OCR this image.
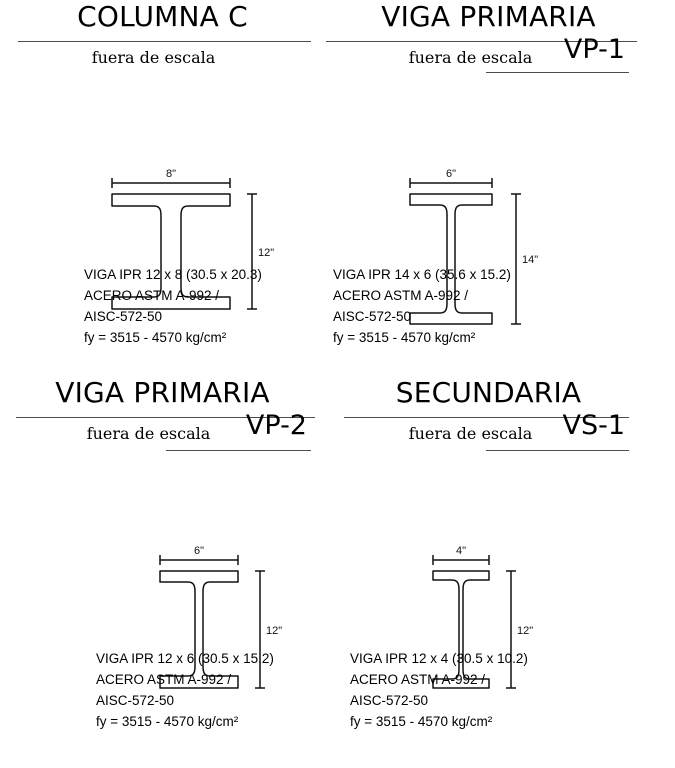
COLUMNA C
fuera de escala
8"
12"
VIGA IPR 12 x 8 (30.5 x 20.3)
ACERO ASTM A-992 /
AISC-572-50
fy = 3515 - 4570 kg/cm²
VIGA PRIMARIA
fuera de escala	VP-1
6"
14"
VIGA IPR 14 x 6 (35.6 x 15.2)
ACERO ASTM A-992 /
AISC-572-50
fy = 3515 - 4570 kg/cm²
VIGA PRIMARIA
fuera de escala	VP-2
6"
12"
VIGA IPR 12 x 6 (30.5 x 15.2)
ACERO ASTM A-992 /
AISC-572-50
fy = 3515 - 4570 kg/cm²
SECUNDARIA
fuera de escala	VS-1
4"
12"
VIGA IPR 12 x 4 (30.5 x 10.2)
ACERO ASTM A-992 /
AISC-572-50
fy = 3515 - 4570 kg/cm²
